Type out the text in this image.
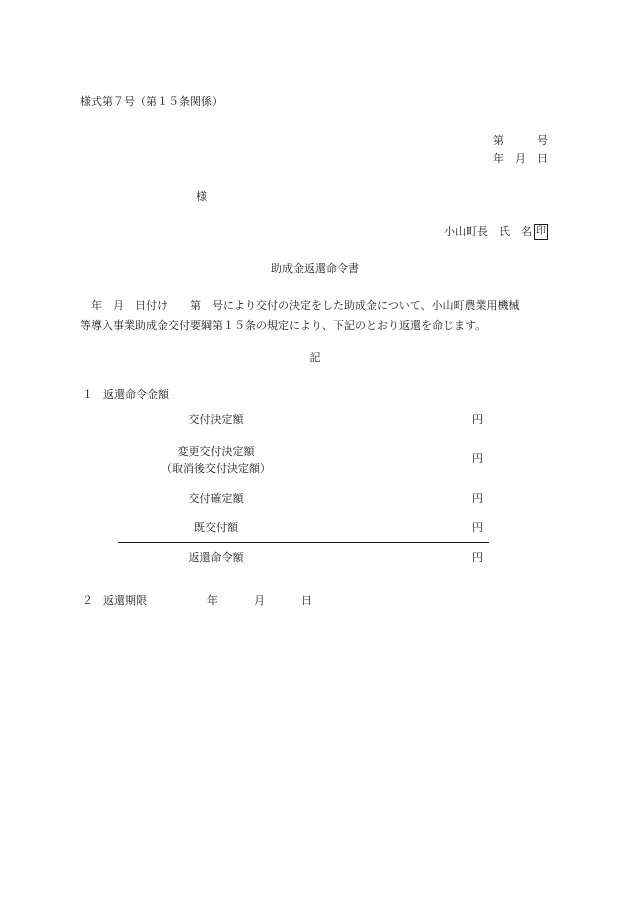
様式第７号（第１５条関係）
第　　　号
年　月　日
様
小山町長　氏　名 印
助成金返還命令書
　年　月　日付け　　第　号により交付の決定をした助成金について、小山町農業用機械
等導入事業助成金交付要綱第１５条の規定により、下記のとおり返還を命じます。
記
１ 返還命令金額
交付決定額	円
変更交付決定額
（取消後交付決定額）
円
交付確定額	円
既交付額	円
返還命令額	円
２ 返還期限	年	月	日
